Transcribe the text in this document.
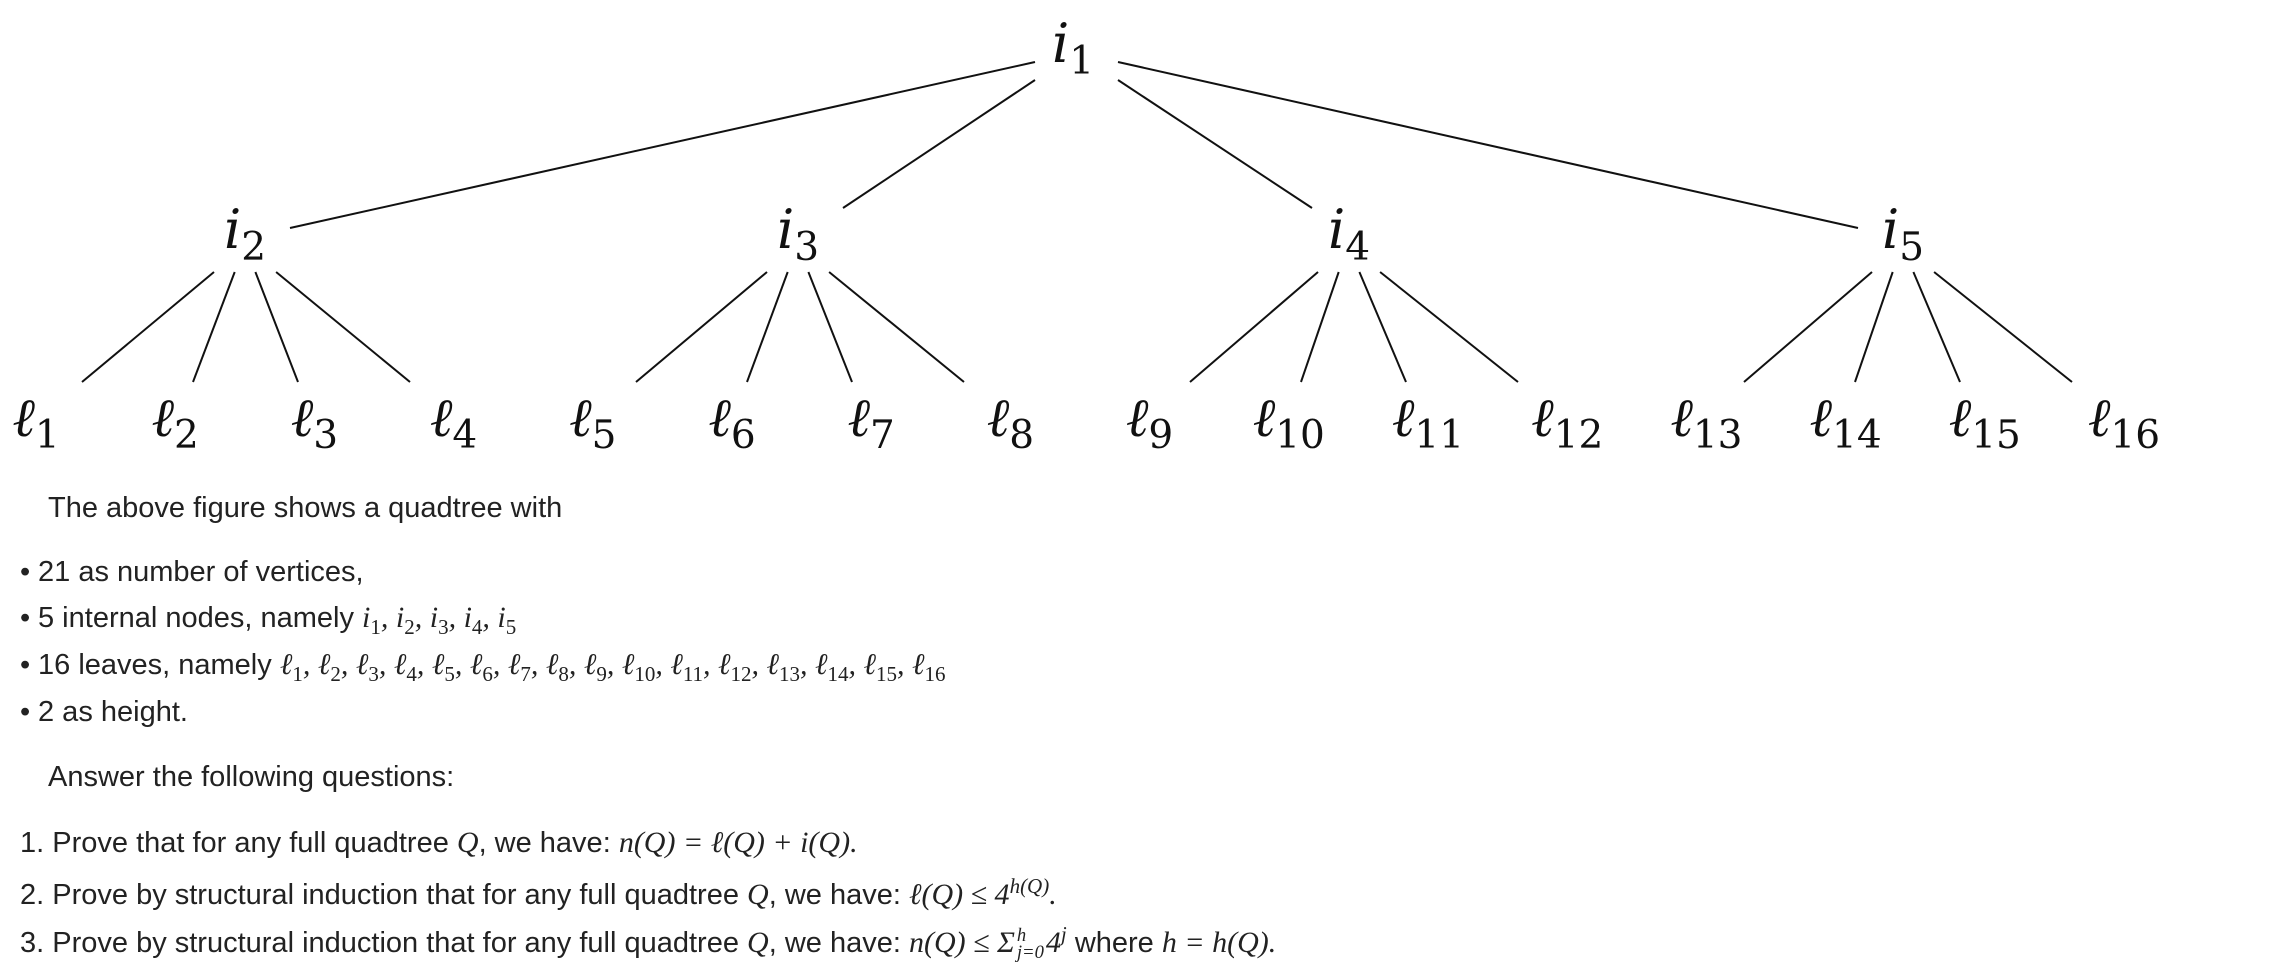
$i_1$
$i_2$
ℓ$_1$ ℓ$_2$ ℓ$_3$ ℓ$_4$
$i_3$
ℓ$_5$ ℓ$_6$ ℓ$_7$ ℓ$_8$
$i_4$
ℓ$_9$ ℓ$_{10}$ ℓ$_{11}$ ℓ$_{12}$
$i_5$
ℓ$_{13}$ ℓ$_{14}$ ℓ$_{15}$ ℓ$_{16}$
The above figure shows a quadtree with
• 21 as number of vertices,
• 5 internal nodes, namely $i_1$, $i_2$, $i_3$, $i_4$, $i_5$
• 16 leaves, namely ℓ$_1$, ℓ$_2$, ℓ$_3$, ℓ$_4$, ℓ$_5$, ℓ$_6$, ℓ$_7$, ℓ$_8$, ℓ$_9$, ℓ$_{10}$, ℓ$_{11}$, ℓ$_{12}$, ℓ$_{13}$, ℓ$_{14}$, ℓ$_{15}$, ℓ$_{16}$
• 2 as height.
Answer the following questions:
1. Prove that for any full quadtree Q, we have: n(Q) = ℓ(Q) + i(Q).
2. Prove by structural induction that for any full quadtree Q, we have: ℓ(Q) ≤ $4^{h(Q)}$.
3. Prove by structural induction that for any full quadtree Q, we have: n(Q) ≤ Σ h
j=0 4$^j$ where h = h(Q).
